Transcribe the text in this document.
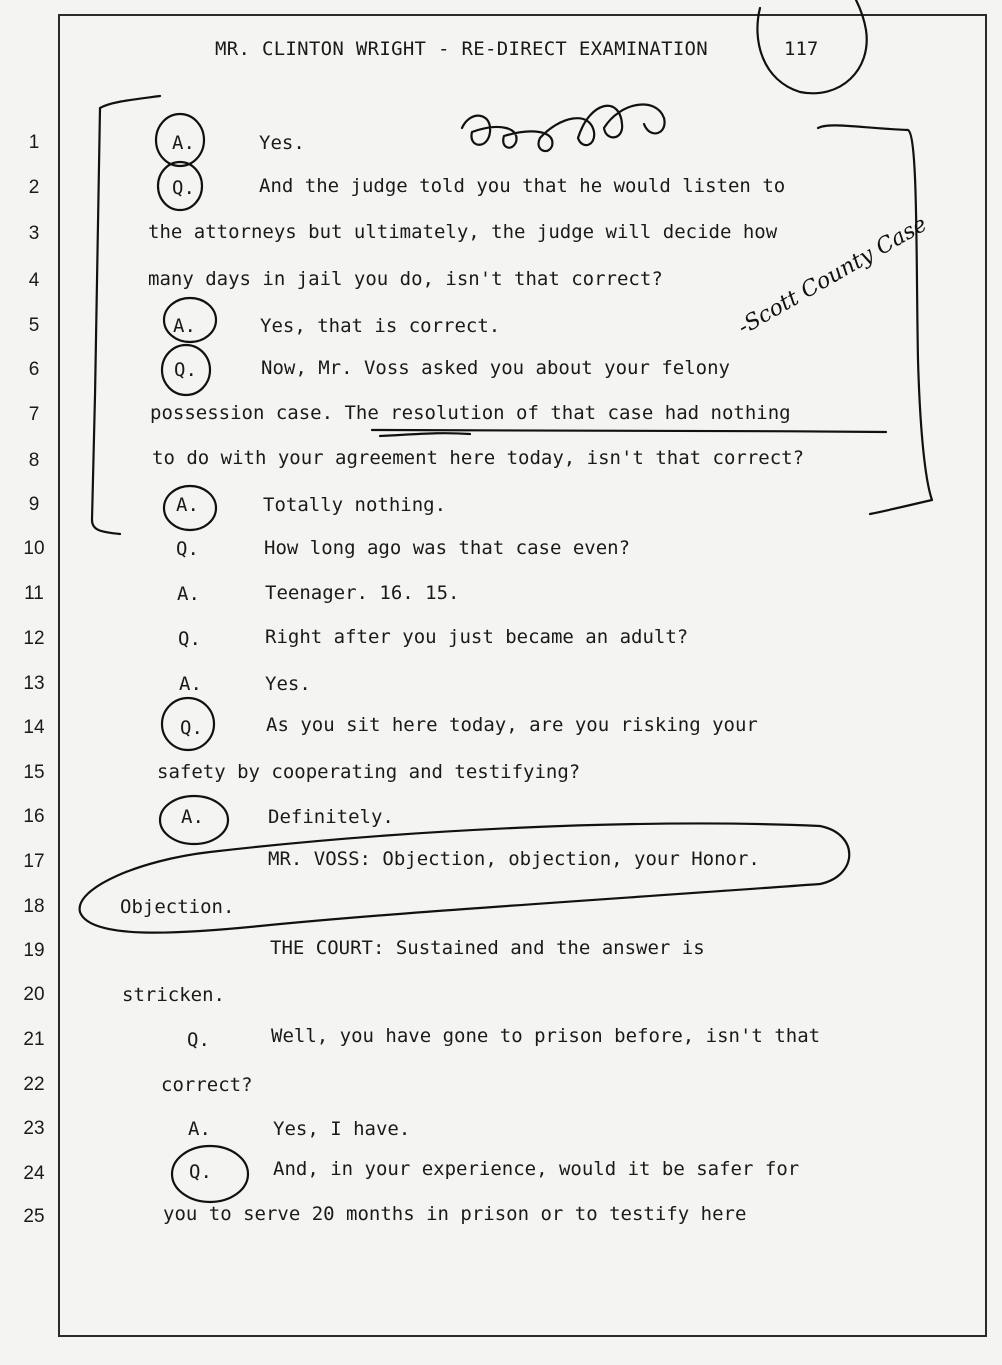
MR. CLINTON WRIGHT - RE-DIRECT EXAMINATION	117
1
2
3
4
5
6
7
8
9
10
11
12
13
14
15
16
17
18
19
20
21
22
23
24
25
A.
Q.
A.
Q.
A.
Q.
A.
Q.
A.
Q.
A.
Q.
A.
Q.
Yes.
And the judge told you that he would listen to
the attorneys but ultimately, the judge will decide how
many days in jail you do, isn't that correct?
Yes, that is correct.
Now, Mr. Voss asked you about your felony
possession case. The resolution of that case had nothing
to do with your agreement here today, isn't that correct?
Totally nothing.
How long ago was that case even?
Teenager. 16. 15.
Right after you just became an adult?
Yes.
As you sit here today, are you risking your
safety by cooperating and testifying?
Definitely.
MR. VOSS: Objection, objection, your Honor.
Objection.
THE COURT: Sustained and the answer is
stricken.
Well, you have gone to prison before, isn't that
correct?
Yes, I have.
And, in your experience, would it be safer for
you to serve 20 months in prison or to testify here
-Scott County Case
